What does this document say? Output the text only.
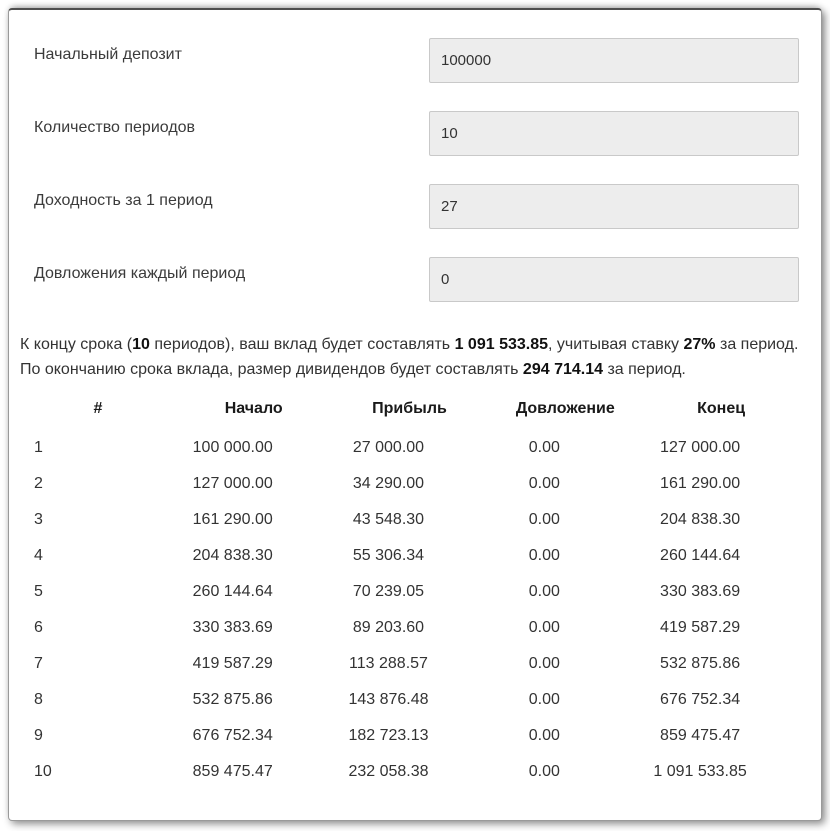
Начальный депозит
100000
Количество периодов
10
Доходность за 1 период
27
Довложения каждый период
0

К концу срока (10 периодов), ваш вклад будет составлять 1 091 533.85, учитывая ставку 27% за период. По окончанию срока вклада, размер дивидендов будет составлять 294 714.14 за период.

#	Начало	Прибыль	Довложение	Конец
1	100 000.00	27 000.00	0.00	127 000.00
2	127 000.00	34 290.00	0.00	161 290.00
3	161 290.00	43 548.30	0.00	204 838.30
4	204 838.30	55 306.34	0.00	260 144.64
5	260 144.64	70 239.05	0.00	330 383.69
6	330 383.69	89 203.60	0.00	419 587.29
7	419 587.29	113 288.57	0.00	532 875.86
8	532 875.86	143 876.48	0.00	676 752.34
9	676 752.34	182 723.13	0.00	859 475.47
10	859 475.47	232 058.38	0.00	1 091 533.85
